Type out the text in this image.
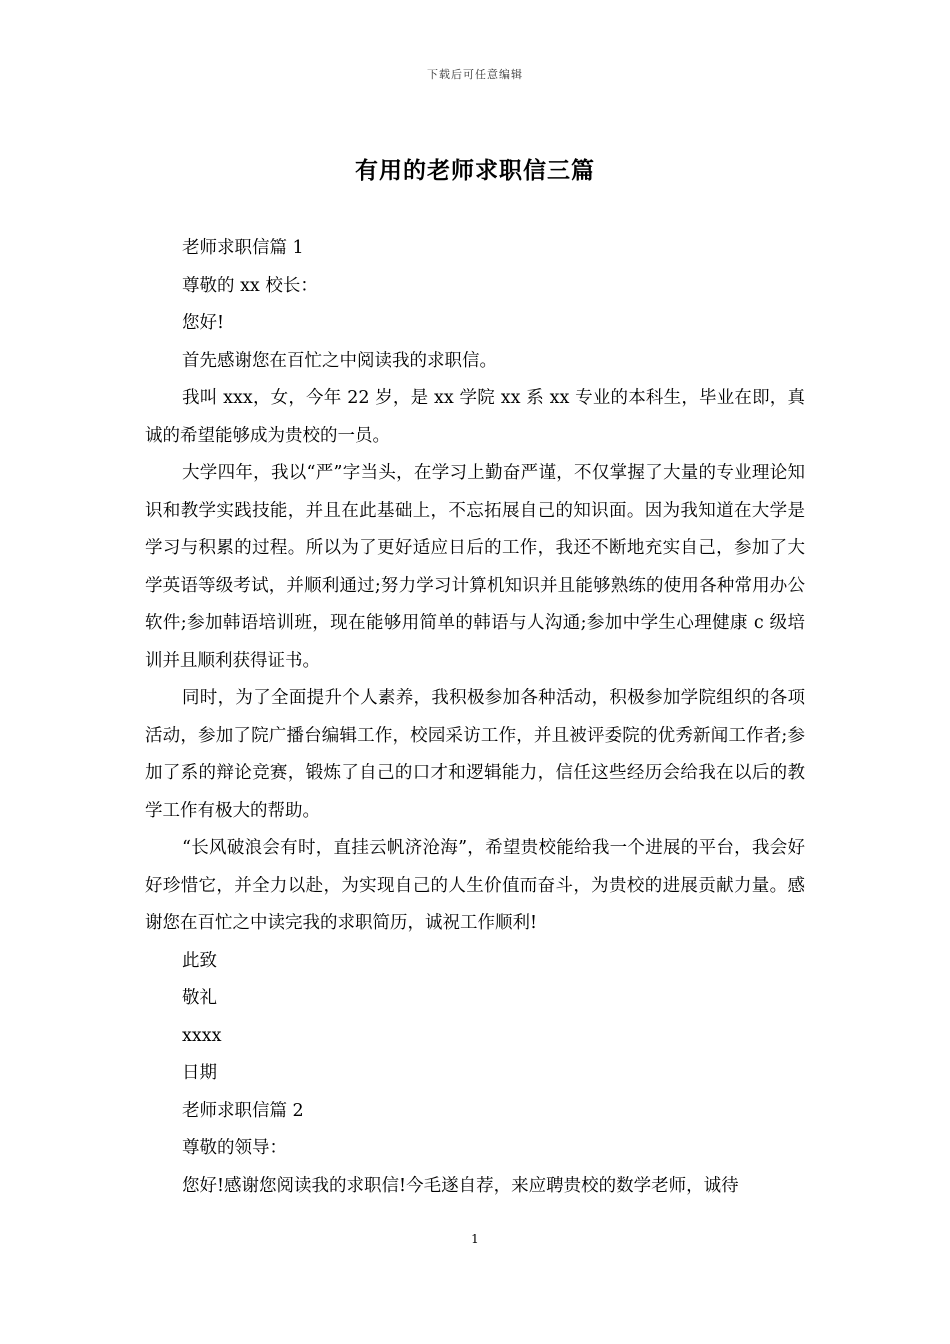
下载后可任意编辑
有用的老师求职信三篇

老师求职信篇 1

尊敬的 xx 校长：

您好!

首先感谢您在百忙之中阅读我的求职信。

我叫 xxx，女，今年 22 岁，是 xx 学院 xx 系 xx 专业的本科生，毕业在即，真诚的希望能够成为贵校的一员。

大学四年，我以“严”字当头，在学习上勤奋严谨，不仅掌握了大量的专业理论知识和教学实践技能，并且在此基础上，不忘拓展自己的知识面。因为我知道在大学是学习与积累的过程。所以为了更好适应日后的工作，我还不断地充实自己，参加了大学英语等级考试，并顺利通过;努力学习计算机知识并且能够熟练的使用各种常用办公软件;参加韩语培训班，现在能够用简单的韩语与人沟通;参加中学生心理健康 c 级培训并且顺利获得证书。

同时，为了全面提升个人素养，我积极参加各种活动，积极参加学院组织的各项活动，参加了院广播台编辑工作，校园采访工作，并且被评委院的优秀新闻工作者;参加了系的辩论竞赛，锻炼了自己的口才和逻辑能力，信任这些经历会给我在以后的教学工作有极大的帮助。

“长风破浪会有时，直挂云帆济沧海”，希望贵校能给我一个进展的平台，我会好好珍惜它，并全力以赴，为实现自己的人生价值而奋斗，为贵校的进展贡献力量。感谢您在百忙之中读完我的求职简历，诚祝工作顺利!

此致

敬礼

xxxx

日期

老师求职信篇 2

尊敬的领导：

您好!感谢您阅读我的求职信!今毛遂自荐，来应聘贵校的数学老师，诚待

1
